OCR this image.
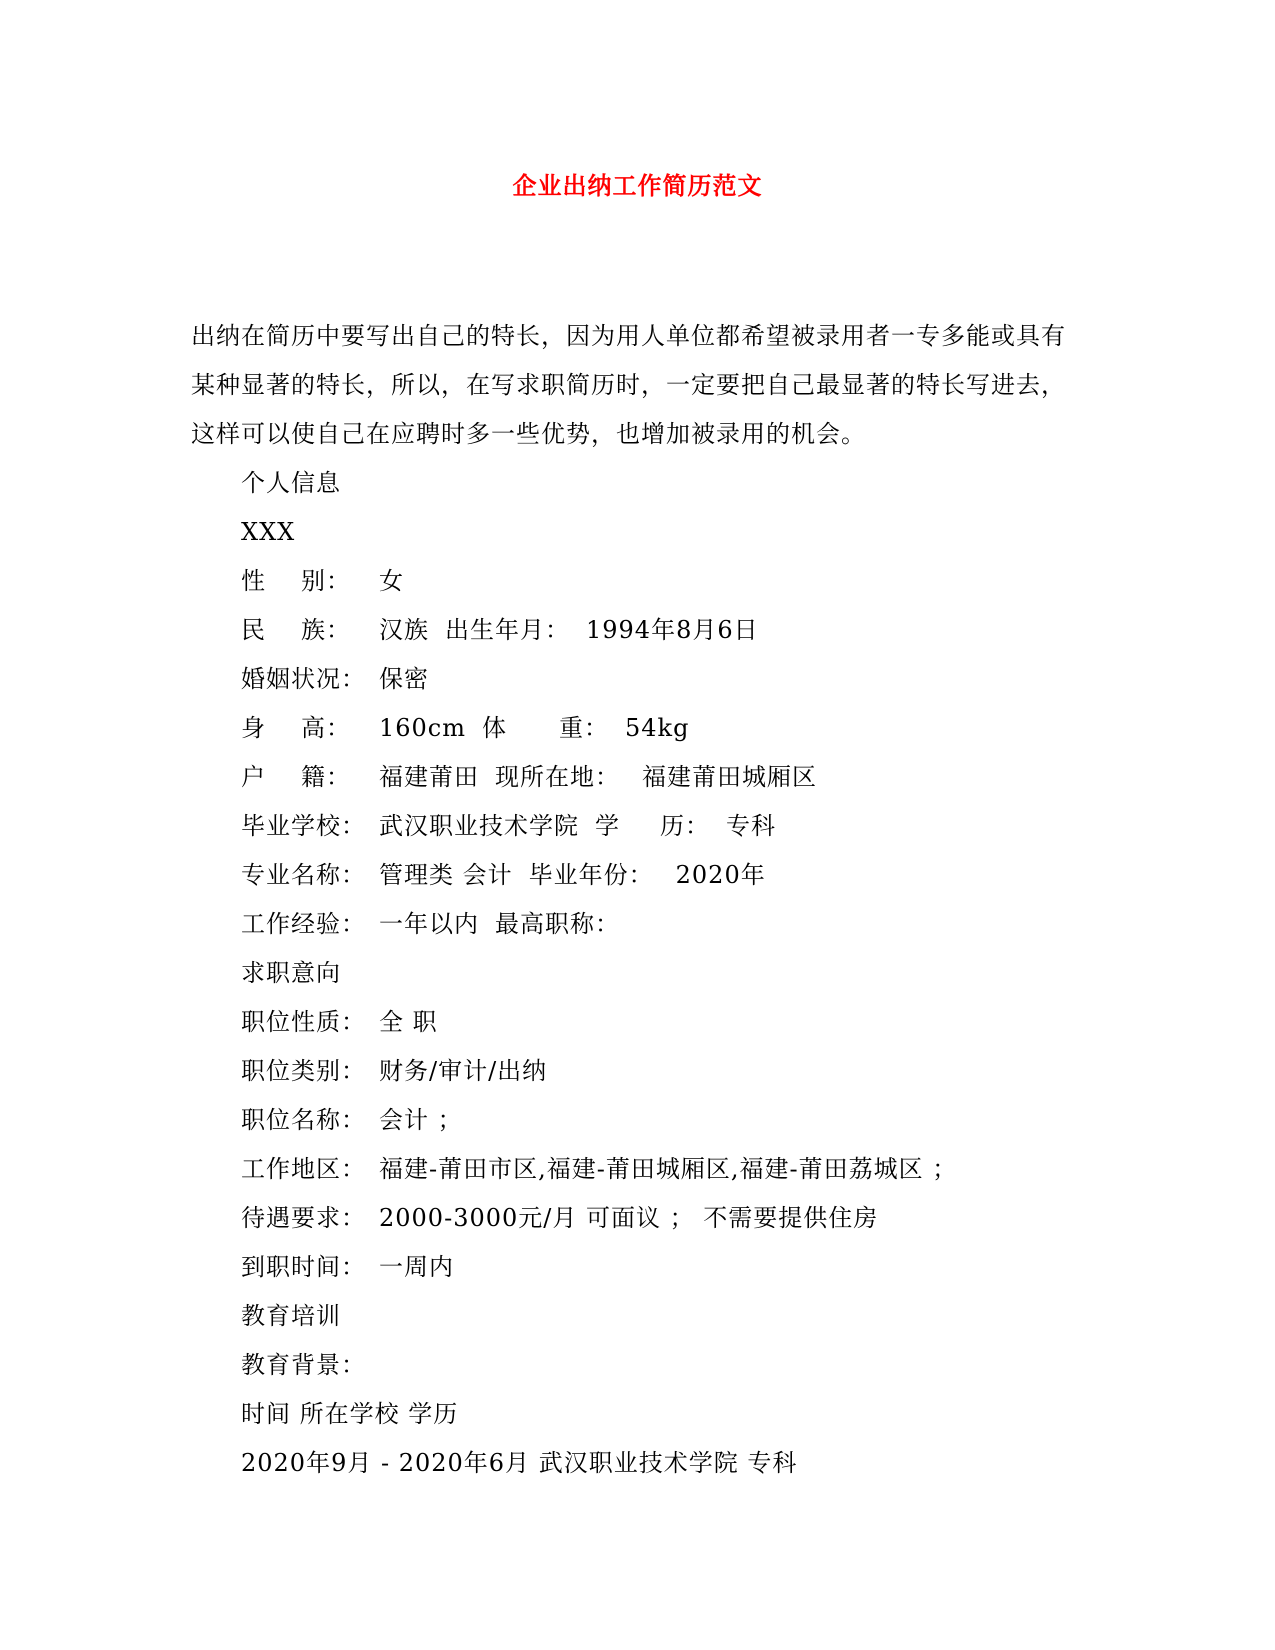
企业出纳工作简历范文
出纳在简历中要写出自己的特长，因为用人单位都希望被录用者一专多能或具有
某种显著的特长，所以，在写求职简历时，一定要把自己最显著的特长写进去，
这样可以使自己在应聘时多一些优势，也增加被录用的机会。
个人信息
XXX
性 别： 女
民 族： 汉族 出生年月： 1994年8月6日
婚姻状况： 保密
身 高： 160cm 体 重： 54kg
户 籍： 福建莆田 现所在地： 福建莆田城厢区
毕业学校： 武汉职业技术学院 学 历： 专科
专业名称： 管理类 会计 毕业年份： 2020年
工作经验： 一年以内 最高职称：
求职意向
职位性质： 全 职
职位类别： 财务/审计/出纳
职位名称： 会计 ；
工作地区： 福建-莆田市区,福建-莆田城厢区,福建-莆田荔城区 ；
待遇要求： 2000-3000元/月 可面议 ； 不需要提供住房
到职时间： 一周内
教育培训
教育背景：
时间 所在学校 学历
2020年9月 - 2020年6月 武汉职业技术学院 专科
